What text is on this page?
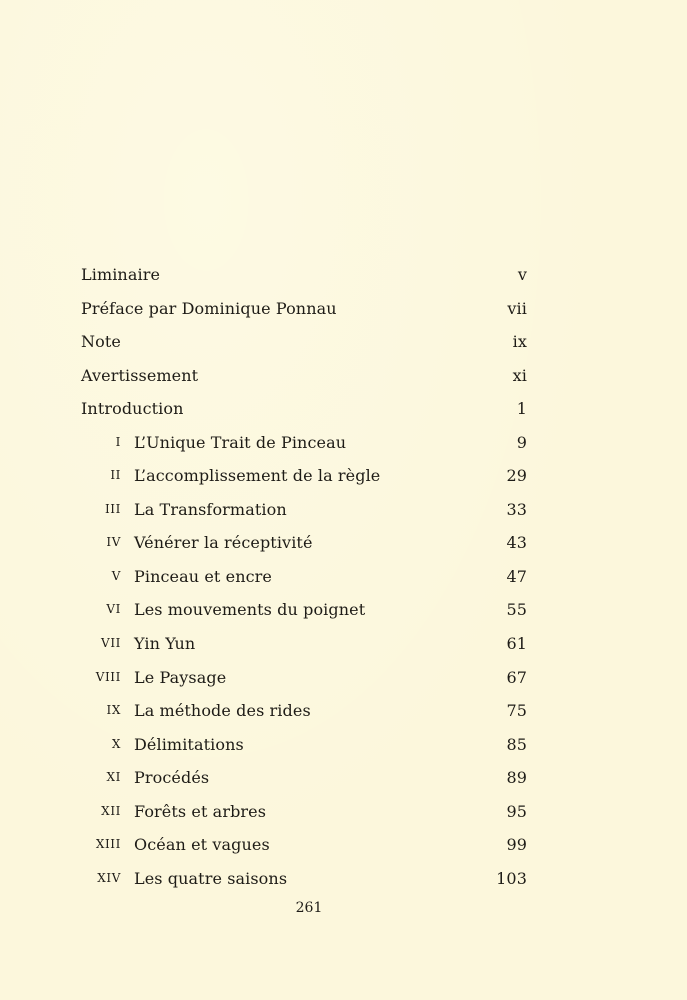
Liminaire	v
Préface par Dominique Ponnau	vii
Note	ix
Avertissement	xi
Introduction	1
I L’Unique Trait de Pinceau	9
II L’accomplissement de la règle	29
III La Transformation	33
IV Vénérer la réceptivité	43
V Pinceau et encre	47
VI Les mouvements du poignet	55
VII Yin Yun	61
VIII Le Paysage	67
IX La méthode des rides	75
X Délimitations	85
XI Procédés	89
XII Forêts et arbres	95
XIII Océan et vagues	99
XIV Les quatre saisons	103
261
